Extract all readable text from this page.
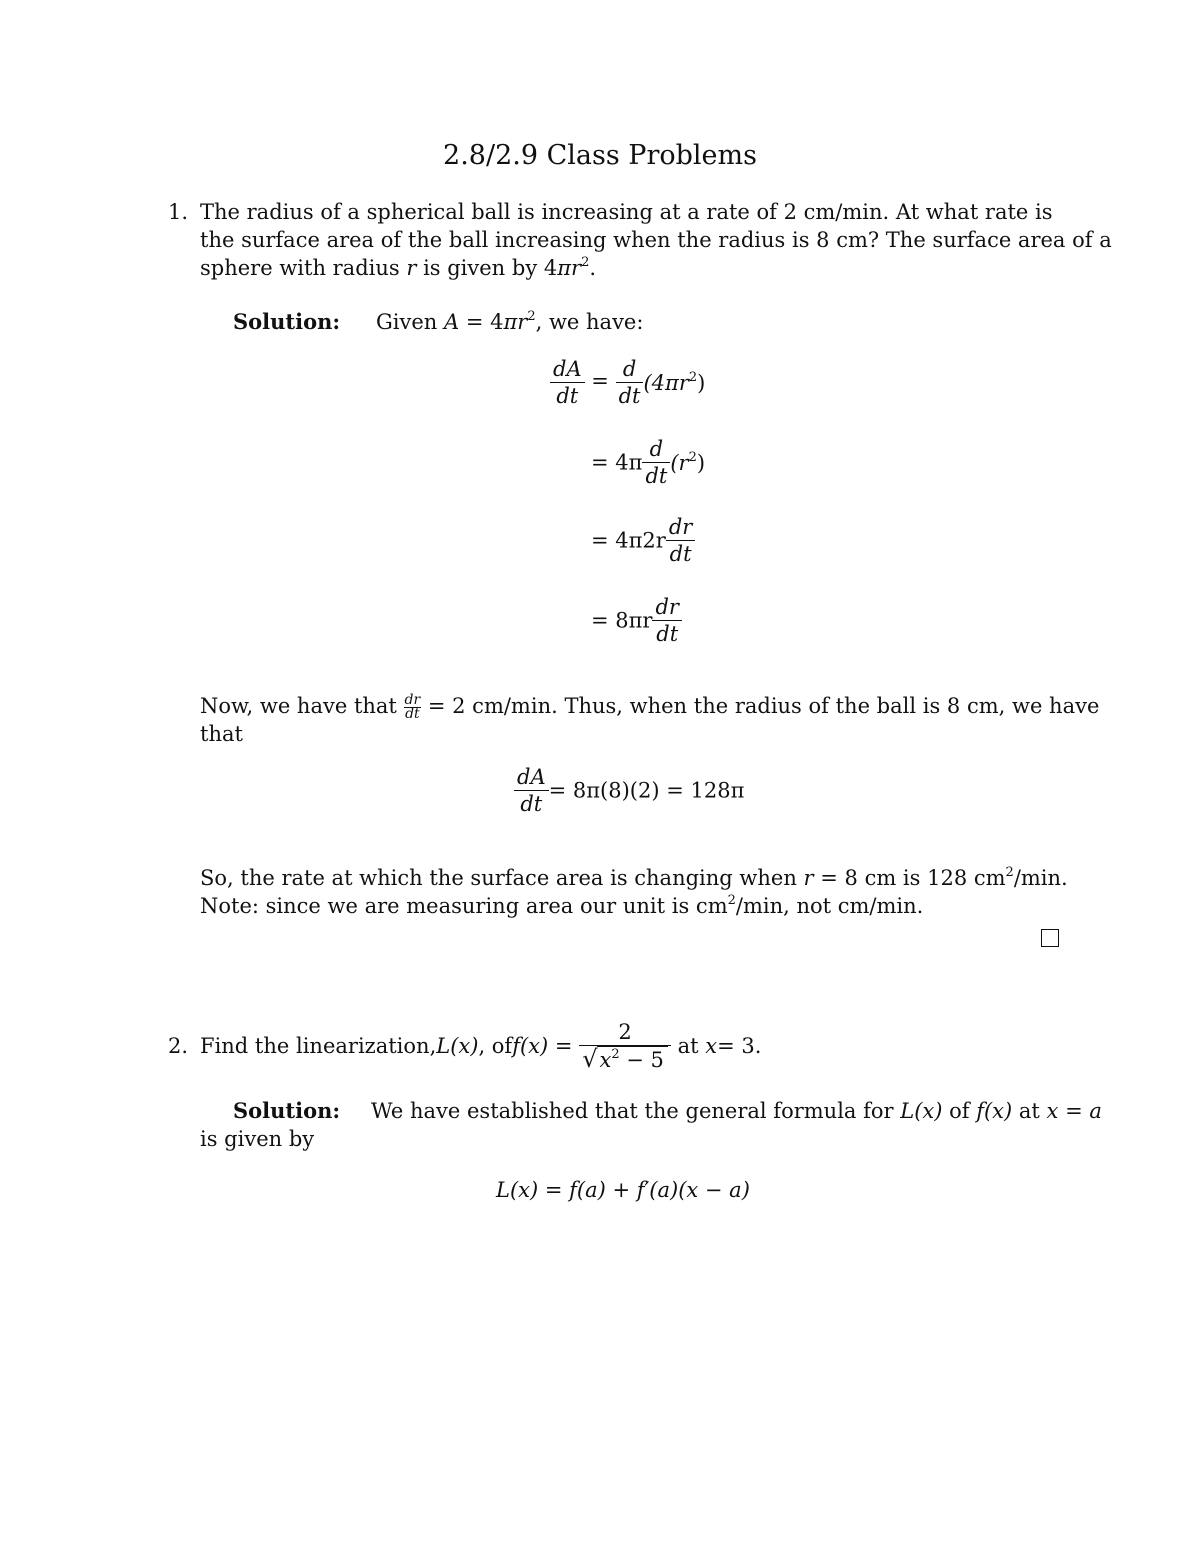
2.8/2.9 Class Problems
1. The radius of a spherical ball is increasing at a rate of 2 cm/min. At what rate is
the surface area of the ball increasing when the radius is 8 cm? The surface area of a
sphere with radius r is given by $4\pi r^2$.
Solution: Given $A = 4\pi r^2$, we have:
$\frac{dA}{dt} = \frac{d}{dt} (4\pi r^2)$
= $4\pi \frac{d}{dt} (r^2)$
= $4\pi 2r \frac{dr}{dt}$
= $8\pi r \frac{dr}{dt}$
Now, we have that $\frac{dr}{dt} = 2$ cm/min. Thus, when the radius of the ball is 8 cm, we have
that
$\frac{dA}{dt} = 8\pi(8)(2) = 128\pi$
So, the rate at which the surface area is changing when r = 8 cm is 128 $cm^2/\min$.
Note: since we are measuring area our unit is $cm^2/\min$, not cm/min.
2. Find the linearization, L(x) , of $f(x) = \frac{2}{√x^2 - 5}$ at x = 3.
Solution: We have established that the general formula for L(x) of f(x) at x = a
is given by
L(x) = f(a) + f′(a)(x − a)
